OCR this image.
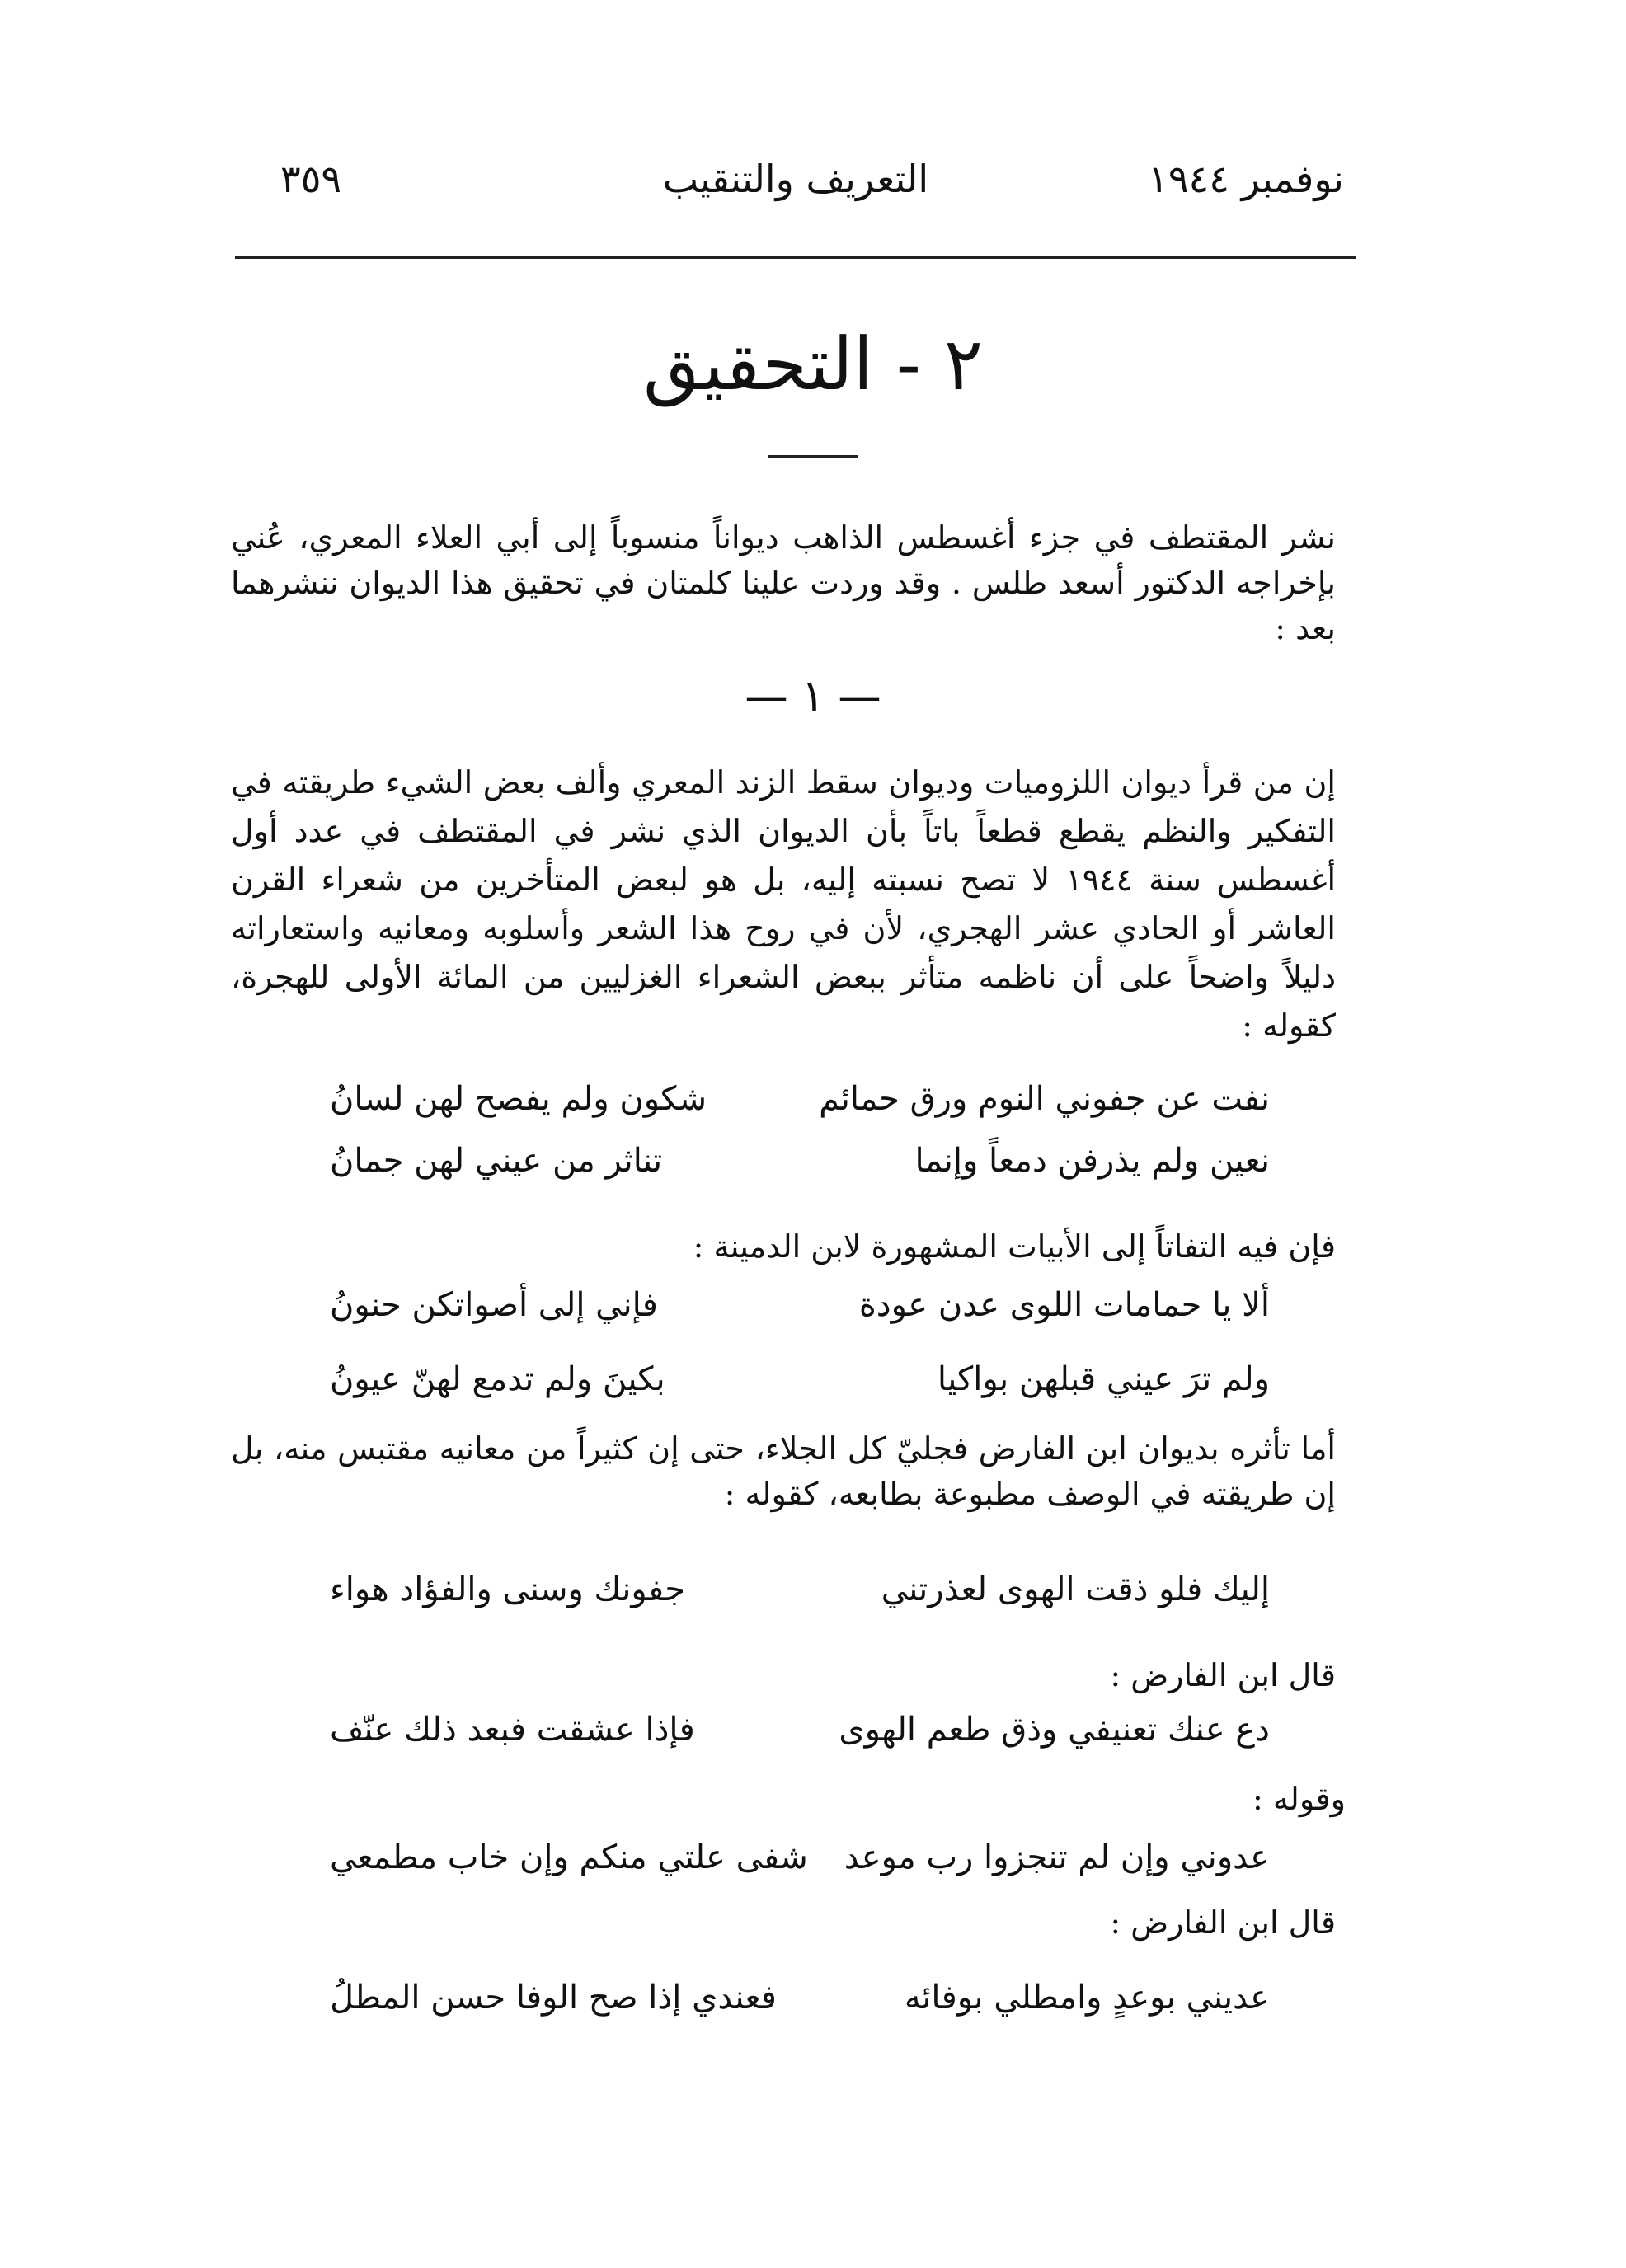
نوفمبر ١٩٤٤
التعريف والتنقيب
٣٥٩
٢ - التحقيق

نشر المقتطف في جزء أغسطس الذاهب ديواناً منسوباً إلى أبي العلاء المعري، عُني بإخراجه الدكتور أسعد طلس . وقد وردت علينا كلمتان في تحقيق هذا الديوان ننشرهما بعد :

— ١ —

إن من قرأ ديوان اللزوميات وديوان سقط الزند المعري وألف بعض الشيء طريقته في التفكير والنظم يقطع قطعاً باتاً بأن الديوان الذي نشر في المقتطف في عدد أول أغسطس سنة ١٩٤٤ لا تصح نسبته إليه، بل هو لبعض المتأخرين من شعراء القرن العاشر أو الحادي عشر الهجري، لأن في روح هذا الشعر وأسلوبه ومعانيه واستعاراته دليلاً واضحاً على أن ناظمه متأثر ببعض الشعراء الغزليين من المائة الأولى للهجرة، كقوله :

نفت عن جفوني النوم ورق حمائم
شكون ولم يفصح لهن لسانُ
نعين ولم يذرفن دمعاً وإنما
تناثر من عيني لهن جمانُ

فإن فيه التفاتاً إلى الأبيات المشهورة لابن الدمينة :

ألا يا حمامات اللوى عدن عودة
فإني إلى أصواتكن حنونُ
ولم ترَ عيني قبلهن بواكيا
بكينَ ولم تدمع لهنّ عيونُ

أما تأثره بديوان ابن الفارض فجليّ كل الجلاء، حتى إن كثيراً من معانيه مقتبس منه، بل إن طريقته في الوصف مطبوعة بطابعه، كقوله :

إليك فلو ذقت الهوى لعذرتني
جفونك وسنى والفؤاد هواء

قال ابن الفارض :

دع عنك تعنيفي وذق طعم الهوى
فإذا عشقت فبعد ذلك عنّف

وقوله :

عدوني وإن لم تنجزوا رب موعد
شفى علتي منكم وإن خاب مطمعي

قال ابن الفارض :

عديني بوعدٍ وامطلي بوفائه
فعندي إذا صح الوفا حسن المطلُ
